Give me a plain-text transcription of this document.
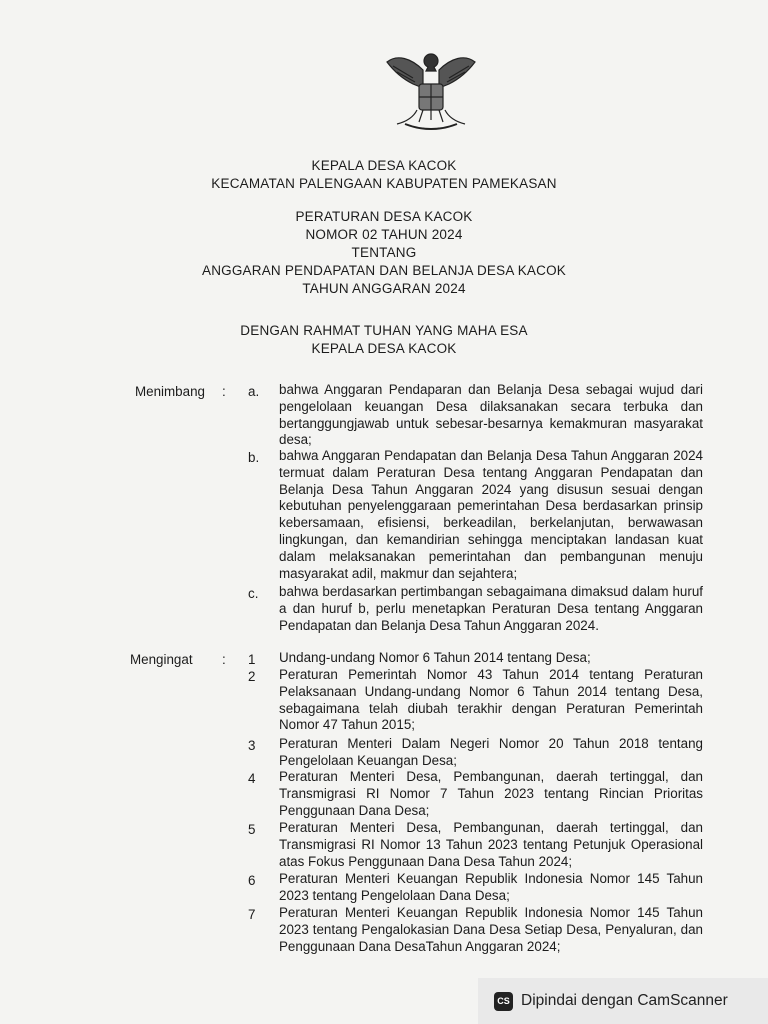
KEPALA DESA KACOK
KECAMATAN PALENGAAN KABUPATEN PAMEKASAN
PERATURAN DESA KACOK
NOMOR 02 TAHUN 2024
TENTANG
ANGGARAN PENDAPATAN DAN BELANJA DESA KACOK
TAHUN ANGGARAN 2024
DENGAN RAHMAT TUHAN YANG MAHA ESA
KEPALA DESA KACOK
Menimbang : a. bahwa Anggaran Pendaparan dan Belanja Desa sebagai wujud dari pengelolaan keuangan Desa dilaksanakan secara terbuka dan bertanggungjawab untuk sebesar-besarnya kemakmuran masyarakat desa;
b. bahwa Anggaran Pendapatan dan Belanja Desa Tahun Anggaran 2024 termuat dalam Peraturan Desa tentang Anggaran Pendapatan dan Belanja Desa Tahun Anggaran 2024 yang disusun sesuai dengan kebutuhan penyelenggaraan pemerintahan Desa berdasarkan prinsip kebersamaan, efisiensi, berkeadilan, berkelanjutan, berwawasan lingkungan, dan kemandirian sehingga menciptakan landasan kuat dalam melaksanakan pemerintahan dan pembangunan menuju masyarakat adil, makmur dan sejahtera;
c. bahwa berdasarkan pertimbangan sebagaimana dimaksud dalam huruf a dan huruf b, perlu menetapkan Peraturan Desa tentang Anggaran Pendapatan dan Belanja Desa Tahun Anggaran 2024.
Mengingat : 1 Undang-undang Nomor 6 Tahun 2014 tentang Desa;
2 Peraturan Pemerintah Nomor 43 Tahun 2014 tentang Peraturan Pelaksanaan Undang-undang Nomor 6 Tahun 2014 tentang Desa, sebagaimana telah diubah terakhir dengan Peraturan Pemerintah Nomor 47 Tahun 2015;
3 Peraturan Menteri Dalam Negeri Nomor 20 Tahun 2018 tentang Pengelolaan Keuangan Desa;
4 Peraturan Menteri Desa, Pembangunan, daerah tertinggal, dan Transmigrasi RI Nomor 7 Tahun 2023 tentang Rincian Prioritas Penggunaan Dana Desa;
5 Peraturan Menteri Desa, Pembangunan, daerah tertinggal, dan Transmigrasi RI Nomor 13 Tahun 2023 tentang Petunjuk Operasional atas Fokus Penggunaan Dana Desa Tahun 2024;
6 Peraturan Menteri Keuangan Republik Indonesia Nomor 145 Tahun 2023 tentang Pengelolaan Dana Desa;
7 Peraturan Menteri Keuangan Republik Indonesia Nomor 145 Tahun 2023 tentang Pengalokasian Dana Desa Setiap Desa, Penyaluran, dan Penggunaan Dana DesaTahun Anggaran 2024;
CS Dipindai dengan CamScanner
